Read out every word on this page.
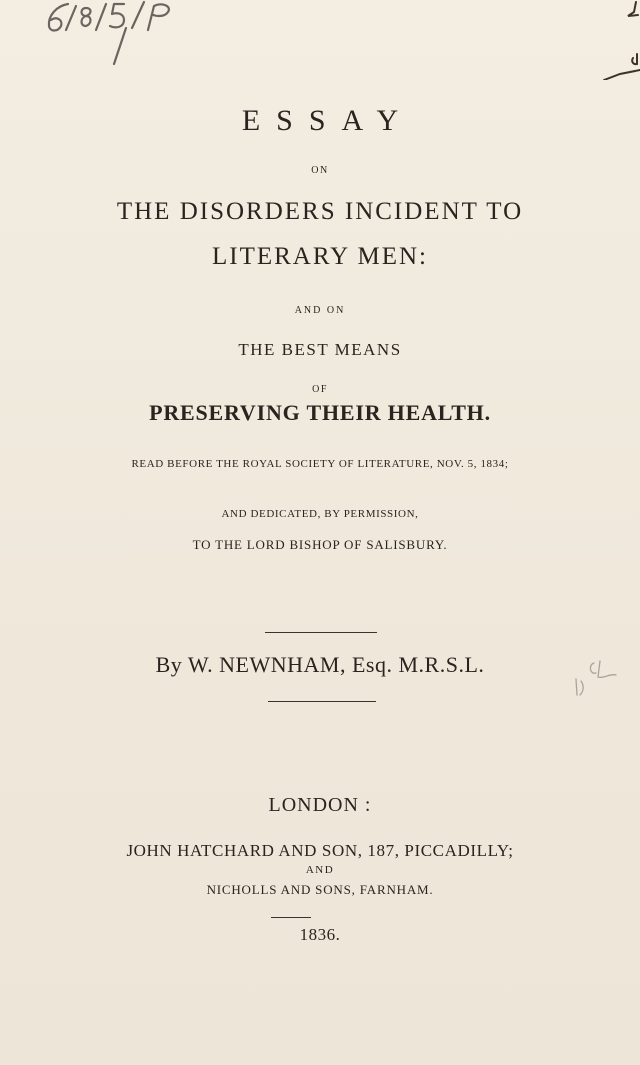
ESSAY
ON
THE DISORDERS INCIDENT TO
LITERARY MEN:
AND ON
THE BEST MEANS
OF
PRESERVING THEIR HEALTH.
READ BEFORE THE ROYAL SOCIETY OF LITERATURE, NOV. 5, 1834;
AND DEDICATED, BY PERMISSION,
TO THE LORD BISHOP OF SALISBURY.
By W. NEWNHAM, Esq. M.R.S.L.
LONDON :
JOHN HATCHARD AND SON, 187, PICCADILLY;
AND
NICHOLLS AND SONS, FARNHAM.
1836.
